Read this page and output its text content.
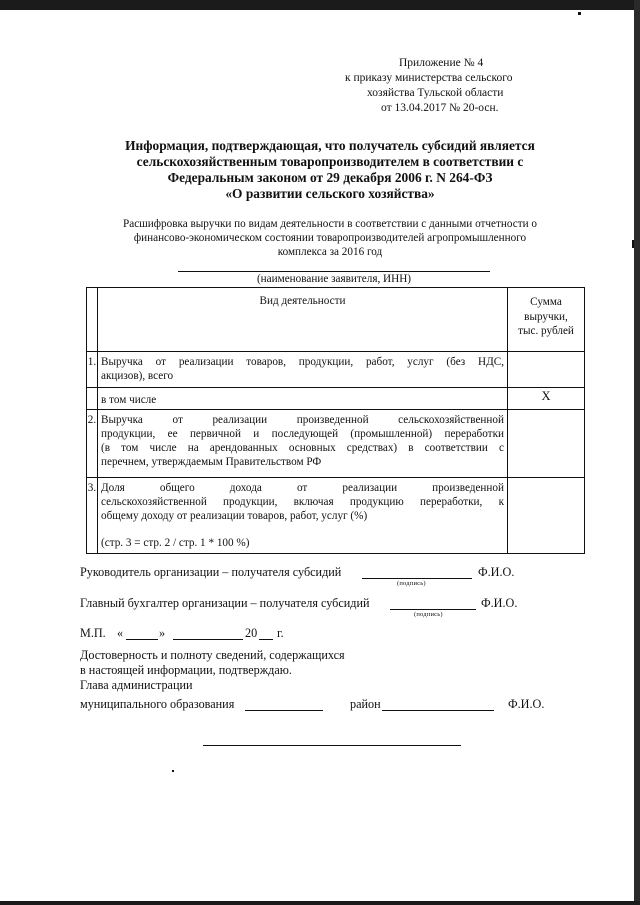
Приложение № 4
к приказу министерства сельского
хозяйства Тульской области
от 13.04.2017 № 20-осн.
Информация, подтверждающая, что получатель субсидий является
сельскохозяйственным товаропроизводителем в соответствии с
Федеральным законом от 29 декабря 2006 г. N 264-ФЗ
«О развитии сельского хозяйства»
Расшифровка выручки по видам деятельности в соответствии с данными отчетности о
финансово-экономическом состоянии товаропроизводителей агропромышленного
комплекса за 2016 год
(наименование заявителя, ИНН)
	Вид деятельности	Сумма
выручки,
тыс. рублей

1.	Выручка от реализации товаров, продукции, работ, услуг (без НДС,
акцизов), всего	

	в том числе	Х
2.	Выручка от реализации произведенной сельскохозяйственной
продукции, ее первичной и последующей (промышленной) переработки
(в том числе на арендованных основных средствах) в соответствии с
перечнем, утверждаемым Правительством РФ	

3.	Доля общего дохода от реализации произведенной
сельскохозяйственной продукции, включая продукцию переработки, к
общему доходу от реализации товаров, работ, услуг (%)
(стр. 3 = стр. 2 / стр. 1 * 100 %)	

Руководитель организации – получателя субсидий
(подпись)
Ф.И.О.
Главный бухгалтер организации – получателя субсидий
(подпись)
Ф.И.О.
М.П. «	»	20 г.
Достоверность и полноту сведений, содержащихся
в настоящей информации, подтверждаю.
Глава администрации
муниципального образования	район	Ф.И.О.
